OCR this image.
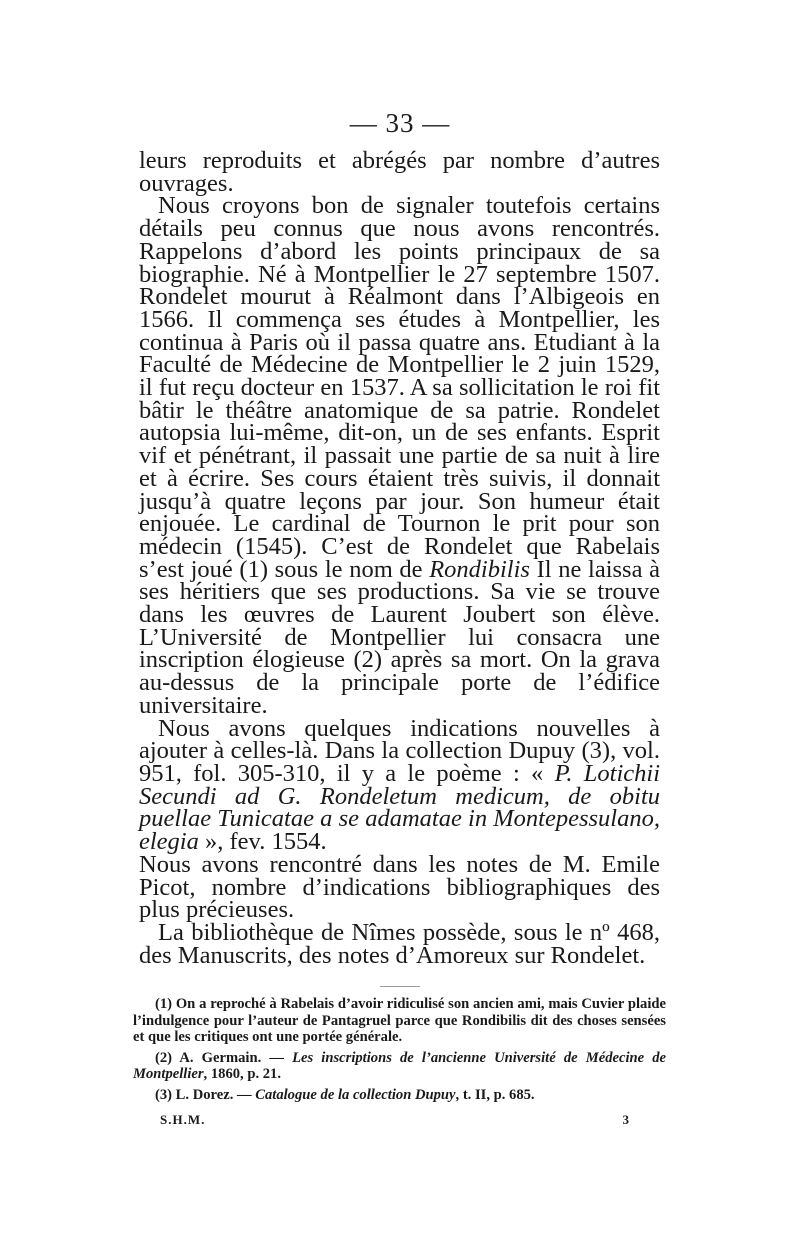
— 33 —

leurs reproduits et abrégés par nombre d’autres ouvrages.

Nous croyons bon de signaler toutefois certains détails peu connus que nous avons rencontrés. Rappelons d’abord les points principaux de sa biographie. Né à Montpellier le 27 septembre 1507. Rondelet mourut à Réalmont dans l’Albigeois en 1566. Il commença ses études à Montpellier, les continua à Paris où il passa quatre ans. Etudiant à la Faculté de Médecine de Montpellier le 2 juin 1529, il fut reçu docteur en 1537. A sa sollicitation le roi fit bâtir le théâtre anatomique de sa patrie. Rondelet autopsia lui-même, dit-on, un de ses enfants. Esprit vif et pénétrant, il passait une partie de sa nuit à lire et à écrire. Ses cours étaient très suivis, il donnait jusqu’à quatre leçons par jour. Son humeur était enjouée. Le cardinal de Tournon le prit pour son médecin (1545). C’est de Rondelet que Rabelais s’est joué (1) sous le nom de Rondibilis Il ne laissa à ses héritiers que ses productions. Sa vie se trouve dans les œuvres de Laurent Joubert son élève. L’Université de Montpellier lui consacra une inscription élogieuse (2) après sa mort. On la grava au-dessus de la principale porte de l’édifice universitaire.

Nous avons quelques indications nouvelles à ajouter à celles-là. Dans la collection Dupuy (3), vol. 951, fol. 305-310, il y a le poème : « P. Lotichii Secundi ad G. Rondeletum medicum, de obitu puellae Tunicatae a se adamatae in Montepessulano, elegia », fev. 1554.

Nous avons rencontré dans les notes de M. Emile Picot, nombre d’indications bibliographiques des plus précieuses.

La bibliothèque de Nîmes possède, sous le nº 468, des Manuscrits, des notes d’Amoreux sur Rondelet.

(1) On a reproché à Rabelais d’avoir ridiculisé son ancien ami, mais Cuvier plaide l’indulgence pour l’auteur de Pantagruel parce que Rondibilis dit des choses sensées et que les critiques ont une portée générale.

(2) A. Germain. — Les inscriptions de l’ancienne Université de Médecine de Montpellier, 1860, p. 21.

(3) L. Dorez. — Catalogue de la collection Dupuy, t. II, p. 685.

S.H.M.	3
